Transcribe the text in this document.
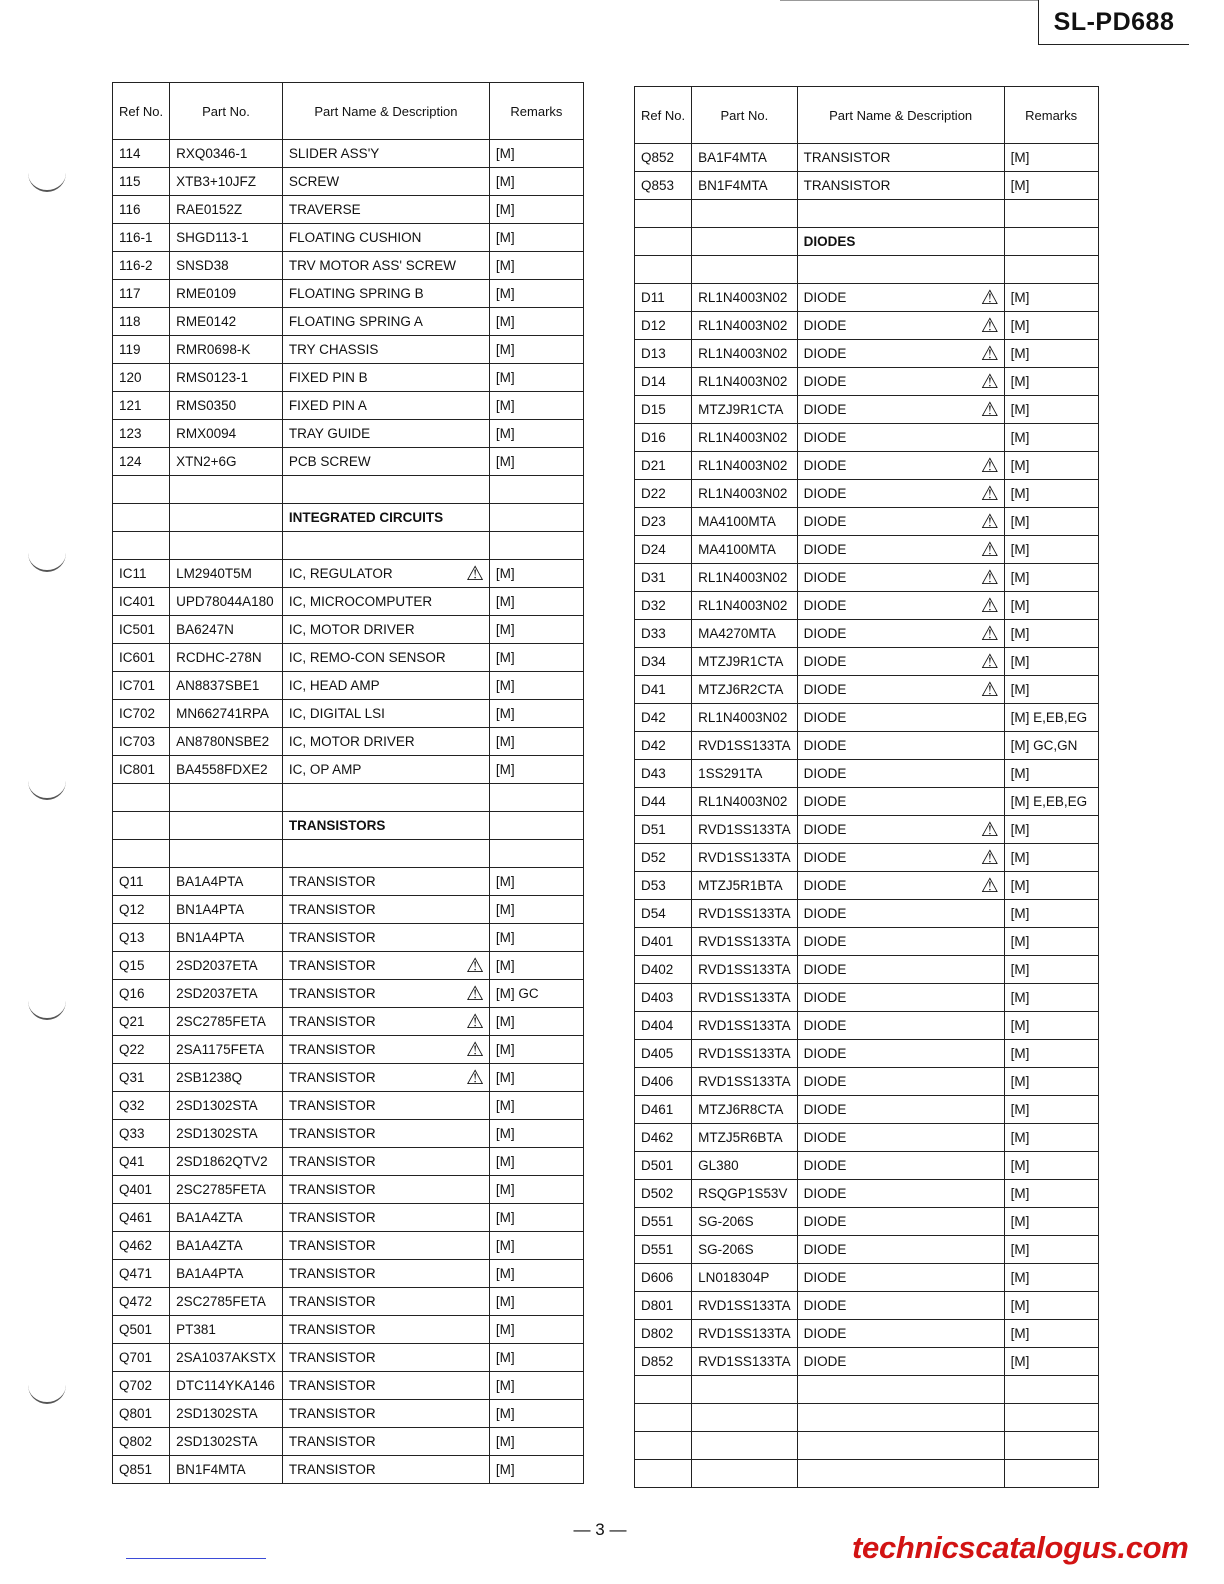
SL-PD688
Ref No.	Part No.	Part Name & Description	Remarks
114	RXQ0346-1	SLIDER ASS'Y	[M]
115	XTB3+10JFZ	SCREW	[M]
116	RAE0152Z	TRAVERSE	[M]
116-1	SHGD113-1	FLOATING CUSHION	[M]
116-2	SNSD38	TRV MOTOR ASS' SCREW	[M]
117	RME0109	FLOATING SPRING B	[M]
118	RME0142	FLOATING SPRING A	[M]
119	RMR0698-K	TRY CHASSIS	[M]
120	RMS0123-1	FIXED PIN B	[M]
121	RMS0350	FIXED PIN A	[M]
123	RMX0094	TRAY GUIDE	[M]
124	XTN2+6G	PCB SCREW	[M]

		INTEGRATED CIRCUITS	

IC11	LM2940T5M	IC, REGULATOR ⚠	[M]
IC401	UPD78044A180	IC, MICROCOMPUTER	[M]
IC501	BA6247N	IC, MOTOR DRIVER	[M]
IC601	RCDHC-278N	IC, REMO-CON SENSOR	[M]
IC701	AN8837SBE1	IC, HEAD AMP	[M]
IC702	MN662741RPA	IC, DIGITAL LSI	[M]
IC703	AN8780NSBE2	IC, MOTOR DRIVER	[M]
IC801	BA4558FDXE2	IC, OP AMP	[M]

		TRANSISTORS	

Q11	BA1A4PTA	TRANSISTOR	[M]
Q12	BN1A4PTA	TRANSISTOR	[M]
Q13	BN1A4PTA	TRANSISTOR	[M]
Q15	2SD2037ETA	TRANSISTOR ⚠	[M]
Q16	2SD2037ETA	TRANSISTOR ⚠	[M] GC
Q21	2SC2785FETA	TRANSISTOR ⚠	[M]
Q22	2SA1175FETA	TRANSISTOR ⚠	[M]
Q31	2SB1238Q	TRANSISTOR ⚠	[M]
Q32	2SD1302STA	TRANSISTOR	[M]
Q33	2SD1302STA	TRANSISTOR	[M]
Q41	2SD1862QTV2	TRANSISTOR	[M]
Q401	2SC2785FETA	TRANSISTOR	[M]
Q461	BA1A4ZTA	TRANSISTOR	[M]
Q462	BA1A4ZTA	TRANSISTOR	[M]
Q471	BA1A4PTA	TRANSISTOR	[M]
Q472	2SC2785FETA	TRANSISTOR	[M]
Q501	PT381	TRANSISTOR	[M]
Q701	2SA1037AKSTX	TRANSISTOR	[M]
Q702	DTC114YKA146	TRANSISTOR	[M]
Q801	2SD1302STA	TRANSISTOR	[M]
Q802	2SD1302STA	TRANSISTOR	[M]
Q851	BN1F4MTA	TRANSISTOR	[M]
Ref No.	Part No.	Part Name & Description	Remarks
Q852	BA1F4MTA	TRANSISTOR	[M]
Q853	BN1F4MTA	TRANSISTOR	[M]

		DIODES	

D11	RL1N4003N02	DIODE ⚠	[M]
D12	RL1N4003N02	DIODE ⚠	[M]
D13	RL1N4003N02	DIODE ⚠	[M]
D14	RL1N4003N02	DIODE ⚠	[M]
D15	MTZJ9R1CTA	DIODE ⚠	[M]
D16	RL1N4003N02	DIODE	[M]
D21	RL1N4003N02	DIODE ⚠	[M]
D22	RL1N4003N02	DIODE ⚠	[M]
D23	MA4100MTA	DIODE ⚠	[M]
D24	MA4100MTA	DIODE ⚠	[M]
D31	RL1N4003N02	DIODE ⚠	[M]
D32	RL1N4003N02	DIODE ⚠	[M]
D33	MA4270MTA	DIODE ⚠	[M]
D34	MTZJ9R1CTA	DIODE ⚠	[M]
D41	MTZJ6R2CTA	DIODE ⚠	[M]
D42	RL1N4003N02	DIODE	[M] E,EB,EG
D42	RVD1SS133TA	DIODE	[M] GC,GN
D43	1SS291TA	DIODE	[M]
D44	RL1N4003N02	DIODE	[M] E,EB,EG
D51	RVD1SS133TA	DIODE ⚠	[M]
D52	RVD1SS133TA	DIODE ⚠	[M]
D53	MTZJ5R1BTA	DIODE ⚠	[M]
D54	RVD1SS133TA	DIODE	[M]
D401	RVD1SS133TA	DIODE	[M]
D402	RVD1SS133TA	DIODE	[M]
D403	RVD1SS133TA	DIODE	[M]
D404	RVD1SS133TA	DIODE	[M]
D405	RVD1SS133TA	DIODE	[M]
D406	RVD1SS133TA	DIODE	[M]
D461	MTZJ6R8CTA	DIODE	[M]
D462	MTZJ5R6BTA	DIODE	[M]
D501	GL380	DIODE	[M]
D502	RSQGP1S53V	DIODE	[M]
D551	SG-206S	DIODE	[M]
D551	SG-206S	DIODE	[M]
D606	LN018304P	DIODE	[M]
D801	RVD1SS133TA	DIODE	[M]
D802	RVD1SS133TA	DIODE	[M]
D852	RVD1SS133TA	DIODE	[M]

— 3 —
technicscatalogus.com
